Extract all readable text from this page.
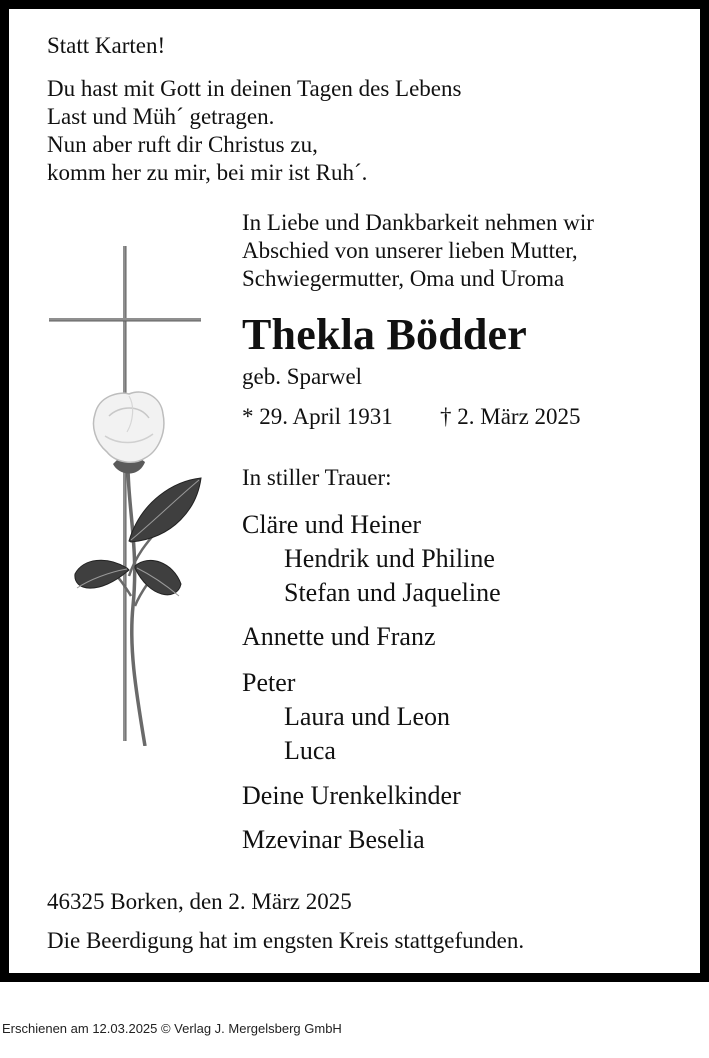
Statt Karten!
Du hast mit Gott in deinen Tagen des Lebens
Last und Müh´ getragen.
Nun aber ruft dir Christus zu,
komm her zu mir, bei mir ist Ruh´.
In Liebe und Dankbarkeit nehmen wir
Abschied von unserer lieben Mutter,
Schwiegermutter, Oma und Uroma
Thekla Bödder
geb. Sparwel
* 29. April 1931 † 2. März 2025
In stiller Trauer:
Cläre und Heiner
Hendrik und Philine
Stefan und Jaqueline
Annette und Franz
Peter
Laura und Leon
Luca
Deine Urenkelkinder
Mzevinar Beselia
46325 Borken, den 2. März 2025
Die Beerdigung hat im engsten Kreis stattgefunden.
Erschienen am 12.03.2025 © Verlag J. Mergelsberg GmbH
